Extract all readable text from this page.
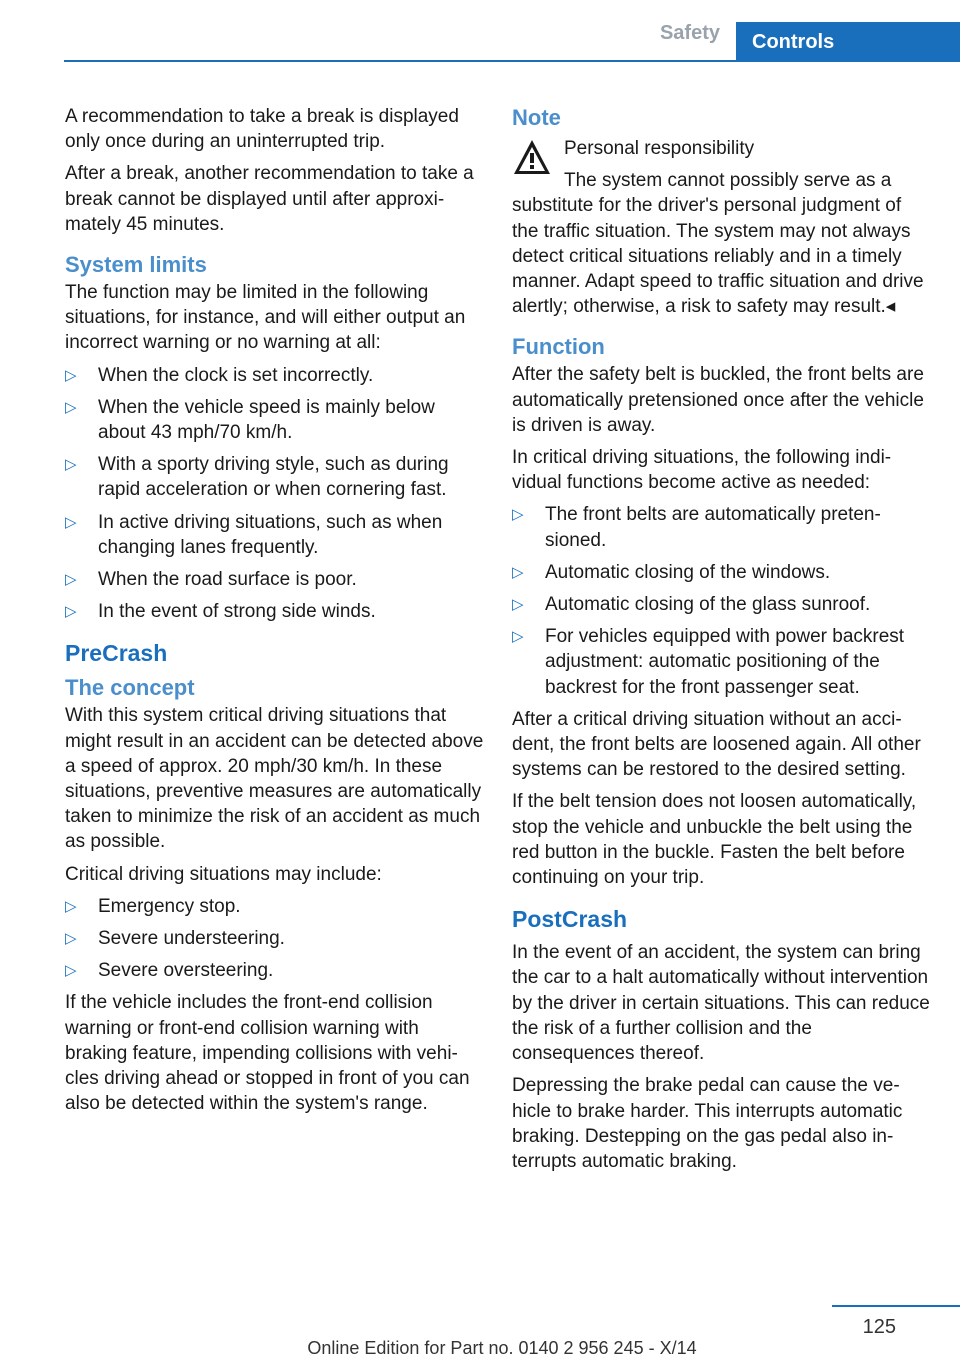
Safety	Controls

A recommendation to take a break is displayed only once during an uninterrupted trip.

After a break, another recommendation to take a break cannot be displayed until after approximately 45 minutes.

System limits

The function may be limited in the following situations, for instance, and will either output an incorrect warning or no warning at all:

▷	When the clock is set incorrectly.
▷	When the vehicle speed is mainly below about 43 mph/70 km/h.
▷	With a sporty driving style, such as during rapid acceleration or when cornering fast.
▷	In active driving situations, such as when changing lanes frequently.
▷	When the road surface is poor.
▷	In the event of strong side winds.
PreCrash
The concept

With this system critical driving situations that might result in an accident can be detected above a speed of approx. 20 mph/30 km/h. In these situations, preventive measures are automatically taken to minimize the risk of an accident as much as possible.

Critical driving situations may include:

▷	Emergency stop.
▷	Severe understeering.
▷	Severe oversteering.

If the vehicle includes the front-end collision warning or front-end collision warning with braking feature, impending collisions with vehicles driving ahead or stopped in front of you can also be detected within the system's range.

Note

Personal responsibility

The system cannot possibly serve as a substitute for the driver's personal judgment of the traffic situation. The system may not always detect critical situations reliably and in a timely manner. Adapt speed to traffic situation and drive alertly; otherwise, a risk to safety may result.◂

Function

After the safety belt is buckled, the front belts are automatically pretensioned once after the vehicle is driven is away.

In critical driving situations, the following individual functions become active as needed:

▷	The front belts are automatically pretensioned.
▷	Automatic closing of the windows.
▷	Automatic closing of the glass sunroof.
▷	For vehicles equipped with power backrest adjustment: automatic positioning of the backrest for the front passenger seat.

After a critical driving situation without an accident, the front belts are loosened again. All other systems can be restored to the desired setting.

If the belt tension does not loosen automatically, stop the vehicle and unbuckle the belt using the red button in the buckle. Fasten the belt before continuing on your trip.

PostCrash

In the event of an accident, the system can bring the car to a halt automatically without intervention by the driver in certain situations. This can reduce the risk of a further collision and the consequences thereof.

Depressing the brake pedal can cause the vehicle to brake harder. This interrupts automatic braking. Destepping on the gas pedal also interrupts automatic braking.

125
Online Edition for Part no. 0140 2 956 245 - X/14
